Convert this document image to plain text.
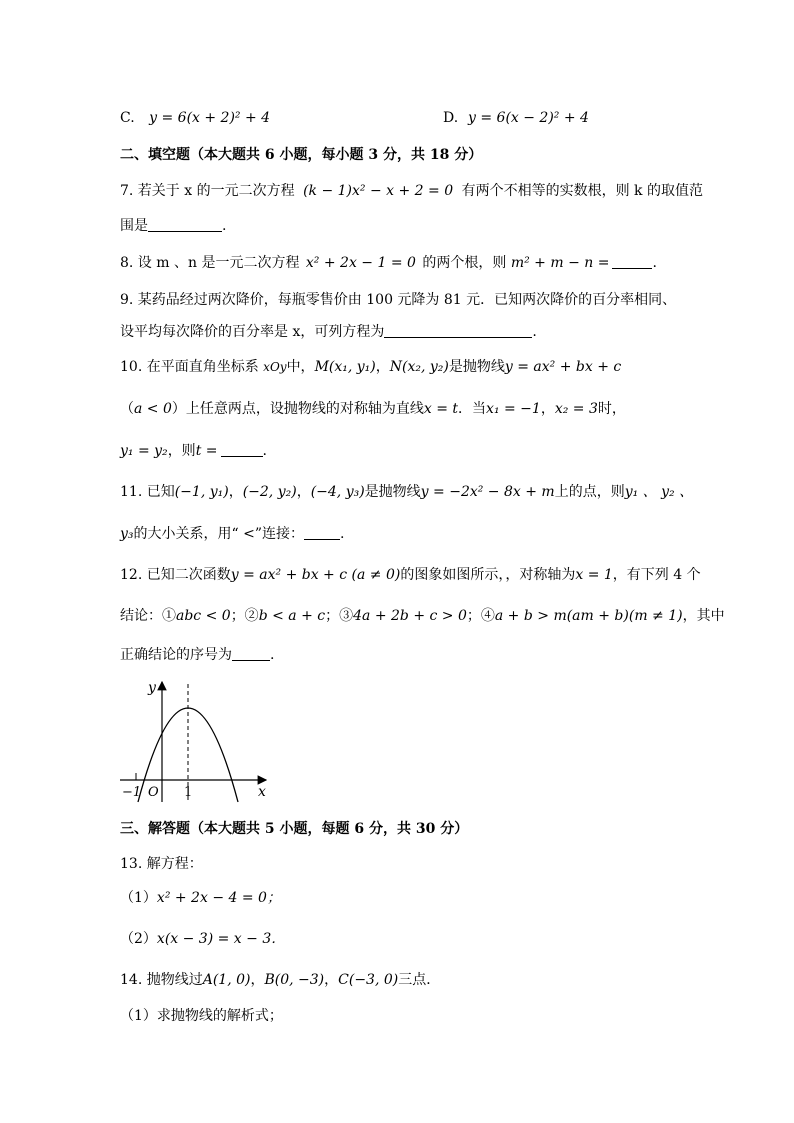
C. y = 6(x + 2)² + 4	D. y = 6(x − 2)² + 4
二、填空题（本大题共 6 小题，每小题 3 分，共 18 分）
7. 若关于 x 的一元二次方程 (k − 1)x² − x + 2 = 0 有两个不相等的实数根，则 k 的取值范
围是	.
8. 设 m 、n 是一元二次方程 x² + 2x − 1 = 0 的两个根，则 m² + m − n =	.
9. 某药品经过两次降价，每瓶零售价由 100 元降为 81 元．已知两次降价的百分率相同、
设平均每次降价的百分率是 x，可列方程为	.
10. 在平面直角坐标系 xOy中，M(x₁, y₁)，N(x₂, y₂)是抛物线y = ax² + bx + c
（a < 0）上任意两点，设抛物线的对称轴为直线x = t．当x₁ = −1，x₂ = 3时，
y₁ = y₂，则t =	.
11. 已知(−1, y₁)，(−2, y₂)，(−4, y₃)是抛物线y = −2x² − 8x + m上的点，则y₁ 、 y₂ 、
y₃的大小关系，用“ <”连接：	.
12. 已知二次函数y = ax² + bx + c (a ≠ 0)的图象如图所示，，对称轴为x = 1，有下列 4 个
结论：①abc < 0；②b < a + c；③4a + 2b + c > 0；④a + b > m(am + b)(m ≠ 1)，其中
正确结论的序号为	.
−1 O 1
y
x
三、解答题（本大题共 5 小题，每题 6 分，共 30 分）
13. 解方程：
（1）x² + 2x − 4 = 0；
（2）x(x − 3) = x − 3．
14. 抛物线过A(1, 0)，B(0, −3)，C(−3, 0)三点．
（1）求抛物线的解析式；
